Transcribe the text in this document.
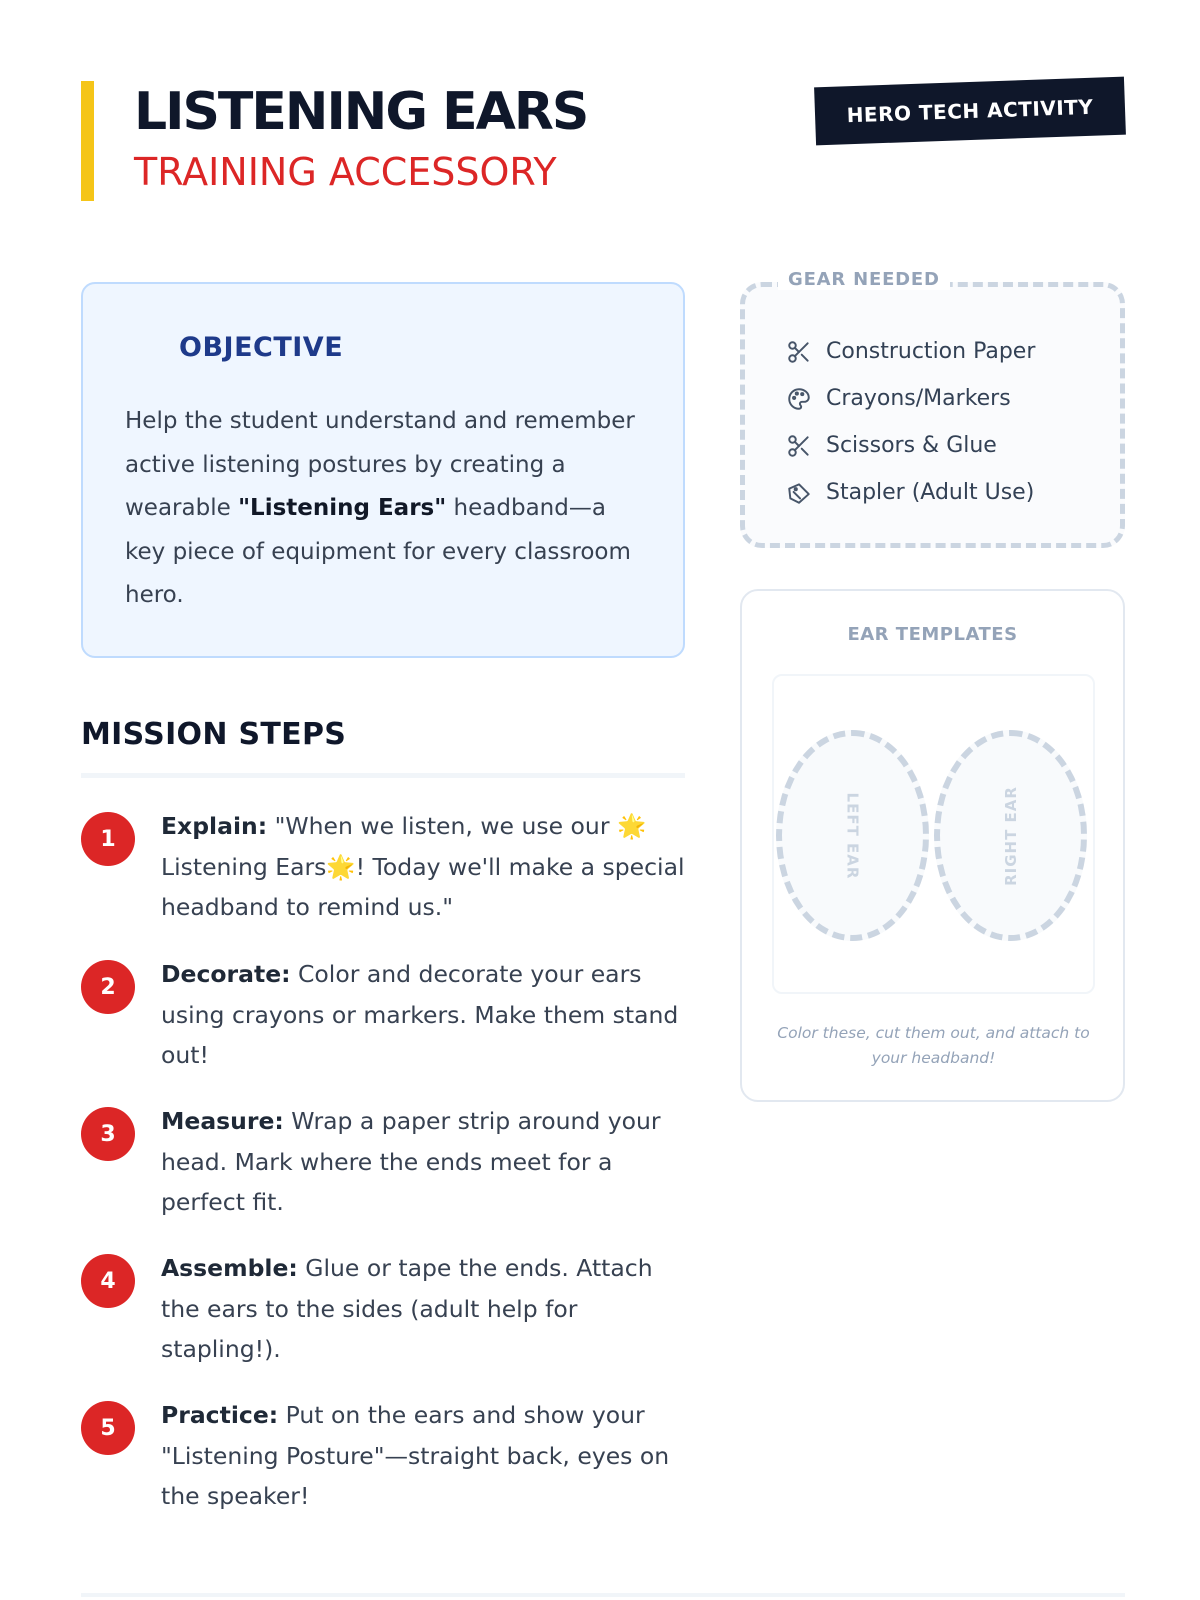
LISTENING EARS
TRAINING ACCESSORY
HERO TECH ACTIVITY
OBJECTIVE

Help the student understand and remember active listening postures by creating a wearable "Listening Ears" headband—a key piece of equipment for every classroom hero.

MISSION STEPS
1	Explain: "When we listen, we use our 🌟 Listening Ears🌟! Today we'll make a special headband to remind us."

2	Decorate: Color and decorate your ears using crayons or markers. Make them stand out!

3	Measure: Wrap a paper strip around your head. Mark where the ends meet for a perfect fit.

4	Assemble: Glue or tape the ends. Attach the ears to the sides (adult help for stapling!).

5	Practice: Put on the ears and show your "Listening Posture"—straight back, eyes on the speaker!

GEAR NEEDED
Construction Paper
Crayons/Markers
Scissors & Glue
Stapler (Adult Use)
EAR TEMPLATES
LEFT EAR	RIGHT EAR

Color these, cut them out, and attach to your headband!
